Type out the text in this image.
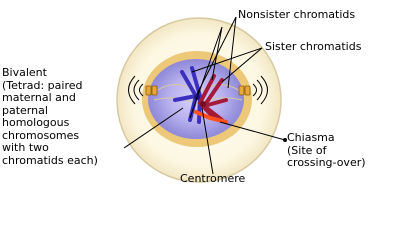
Nonsister chromatids

Sister chromatids

Bivalent
(Tetrad: paired
maternal and
paternal
homologous
chromosomes
with two
chromatids each)

Chiasma
(Site of
crossing-over)

Centromere
